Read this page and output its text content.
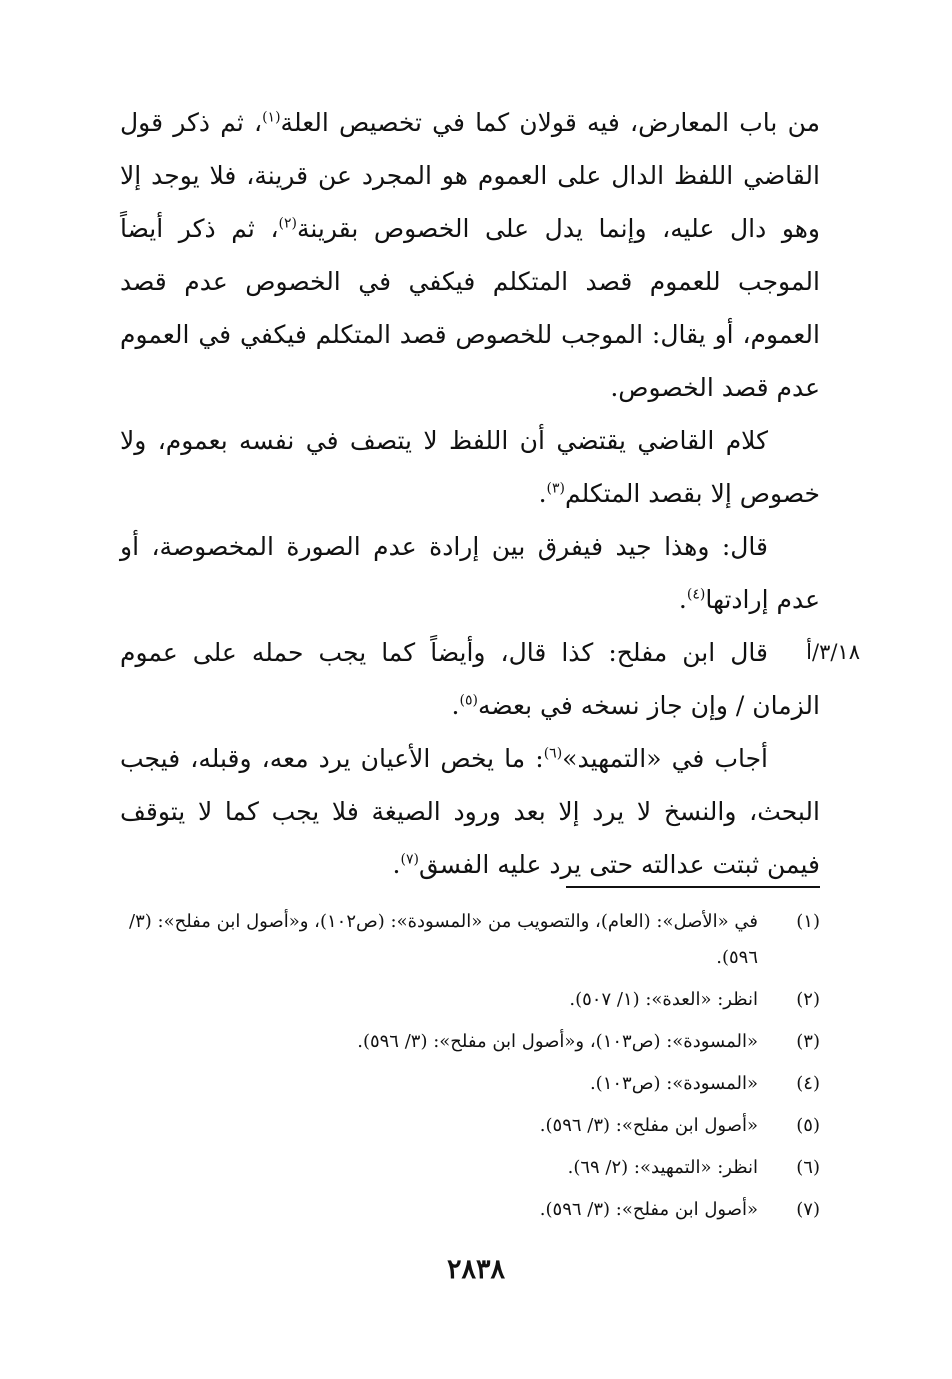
من باب المعارض، فيه قولان كما في تخصيص العلة$^{(١)}$، ثم ذكر قول القاضي اللفظ الدال على العموم هو المجرد عن قرينة، فلا يوجد إلا وهو دال عليه، وإنما يدل على الخصوص بقرينة$^{(٢)}$، ثم ذكر أيضاً الموجب للعموم قصد المتكلم فيكفي في الخصوص عدم قصد العموم، أو يقال: الموجب للخصوص قصد المتكلم فيكفي في العموم عدم قصد الخصوص.

كلام القاضي يقتضي أن اللفظ لا يتصف في نفسه بعموم، ولا خصوص إلا بقصد المتكلم$^{(٣)}$.

قال: وهذا جيد فيفرق بين إرادة عدم الصورة المخصوصة، أو عدم إرادتها$^{(٤)}$.

٣/١٨/أ
قال ابن مفلح: كذا قال، وأيضاً كما يجب حمله على عموم الزمان / وإن جاز نسخه في بعضه$^{(٥)}$.

أجاب في «التمهيد»$^{(٦)}$: ما يخص الأعيان يرد معه، وقبله، فيجب البحث، والنسخ لا يرد إلا بعد ورود الصيغة فلا يجب كما لا يتوقف فيمن ثبتت عدالته حتى يرد عليه الفسق$^{(٧)}$.

(١)
في «الأصل»: (العام)، والتصويب من «المسودة»: (ص١٠٢)، و«أصول ابن مفلح»: (٣/ ٥٩٦).
(٢)
انظر: «العدة»: (١/ ٥٠٧).
(٣)
«المسودة»: (ص١٠٣)، و«أصول ابن مفلح»: (٣/ ٥٩٦).
(٤)
«المسودة»: (ص١٠٣).
(٥)
«أصول ابن مفلح»: (٣/ ٥٩٦).
(٦)
انظر: «التمهيد»: (٢/ ٦٩).
(٧)
«أصول ابن مفلح»: (٣/ ٥٩٦).
٢٨٣٨
